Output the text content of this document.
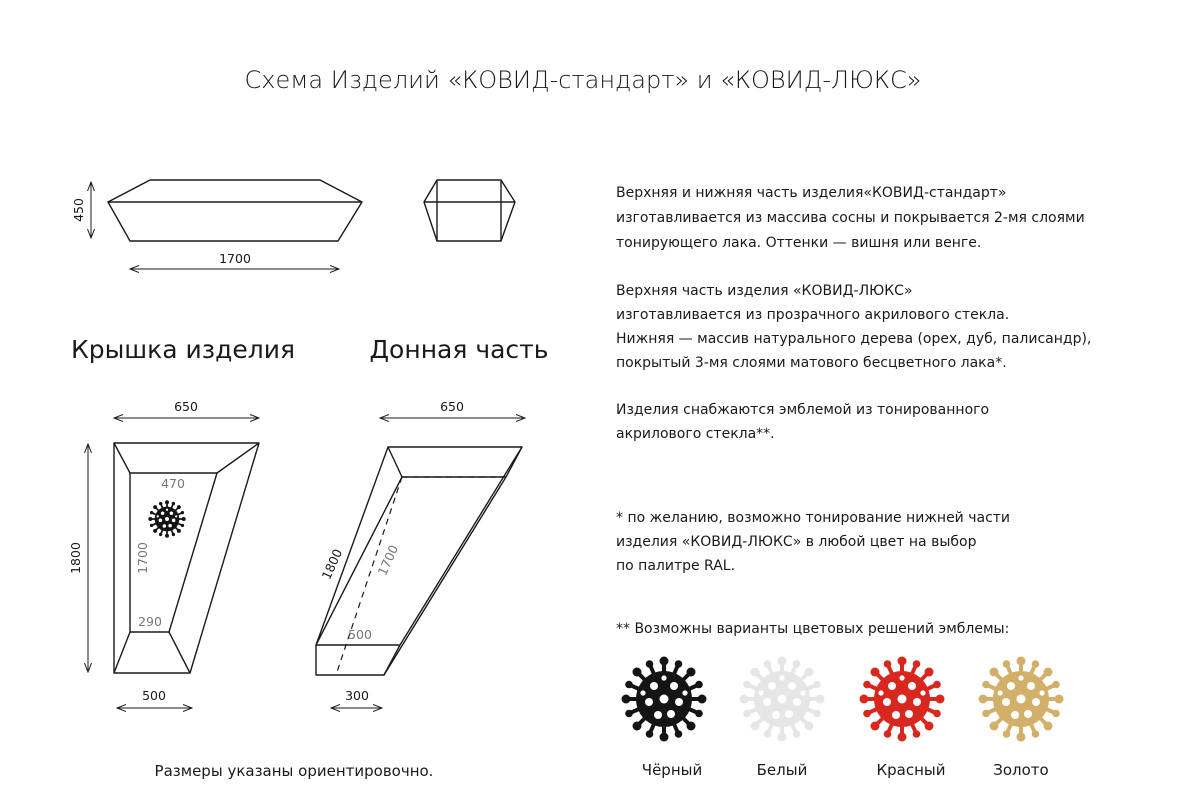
Схема Изделий «КОВИД-стандарт» и «КОВИД-ЛЮКС»
450
1700
Крышка изделия	Донная часть
650
1800
470
1700
290
500
650
1800 1700
500
300
Верхняя и нижняя часть изделия«КОВИД-стандарт»
изготавливается из массива сосны и покрывается 2-мя слоями
тонирующего лака. Оттенки — вишня или венге.
Верхняя часть изделия «КОВИД-ЛЮКС»
изготавливается из прозрачного акрилового стекла.
Нижняя — массив натурального дерева (орех, дуб, палисандр),
покрытый 3-мя слоями матового бесцветного лака*.
Изделия снабжаются эмблемой из тонированного
акрилового стекла**.
* по желанию, возможно тонирование нижней части
изделия «КОВИД-ЛЮКС» в любой цвет на выбор
по палитре RAL.
** Возможны варианты цветовых решений эмблемы:
Чёрный	Белый	Красный	Золото
Размеры указаны ориентировочно.
